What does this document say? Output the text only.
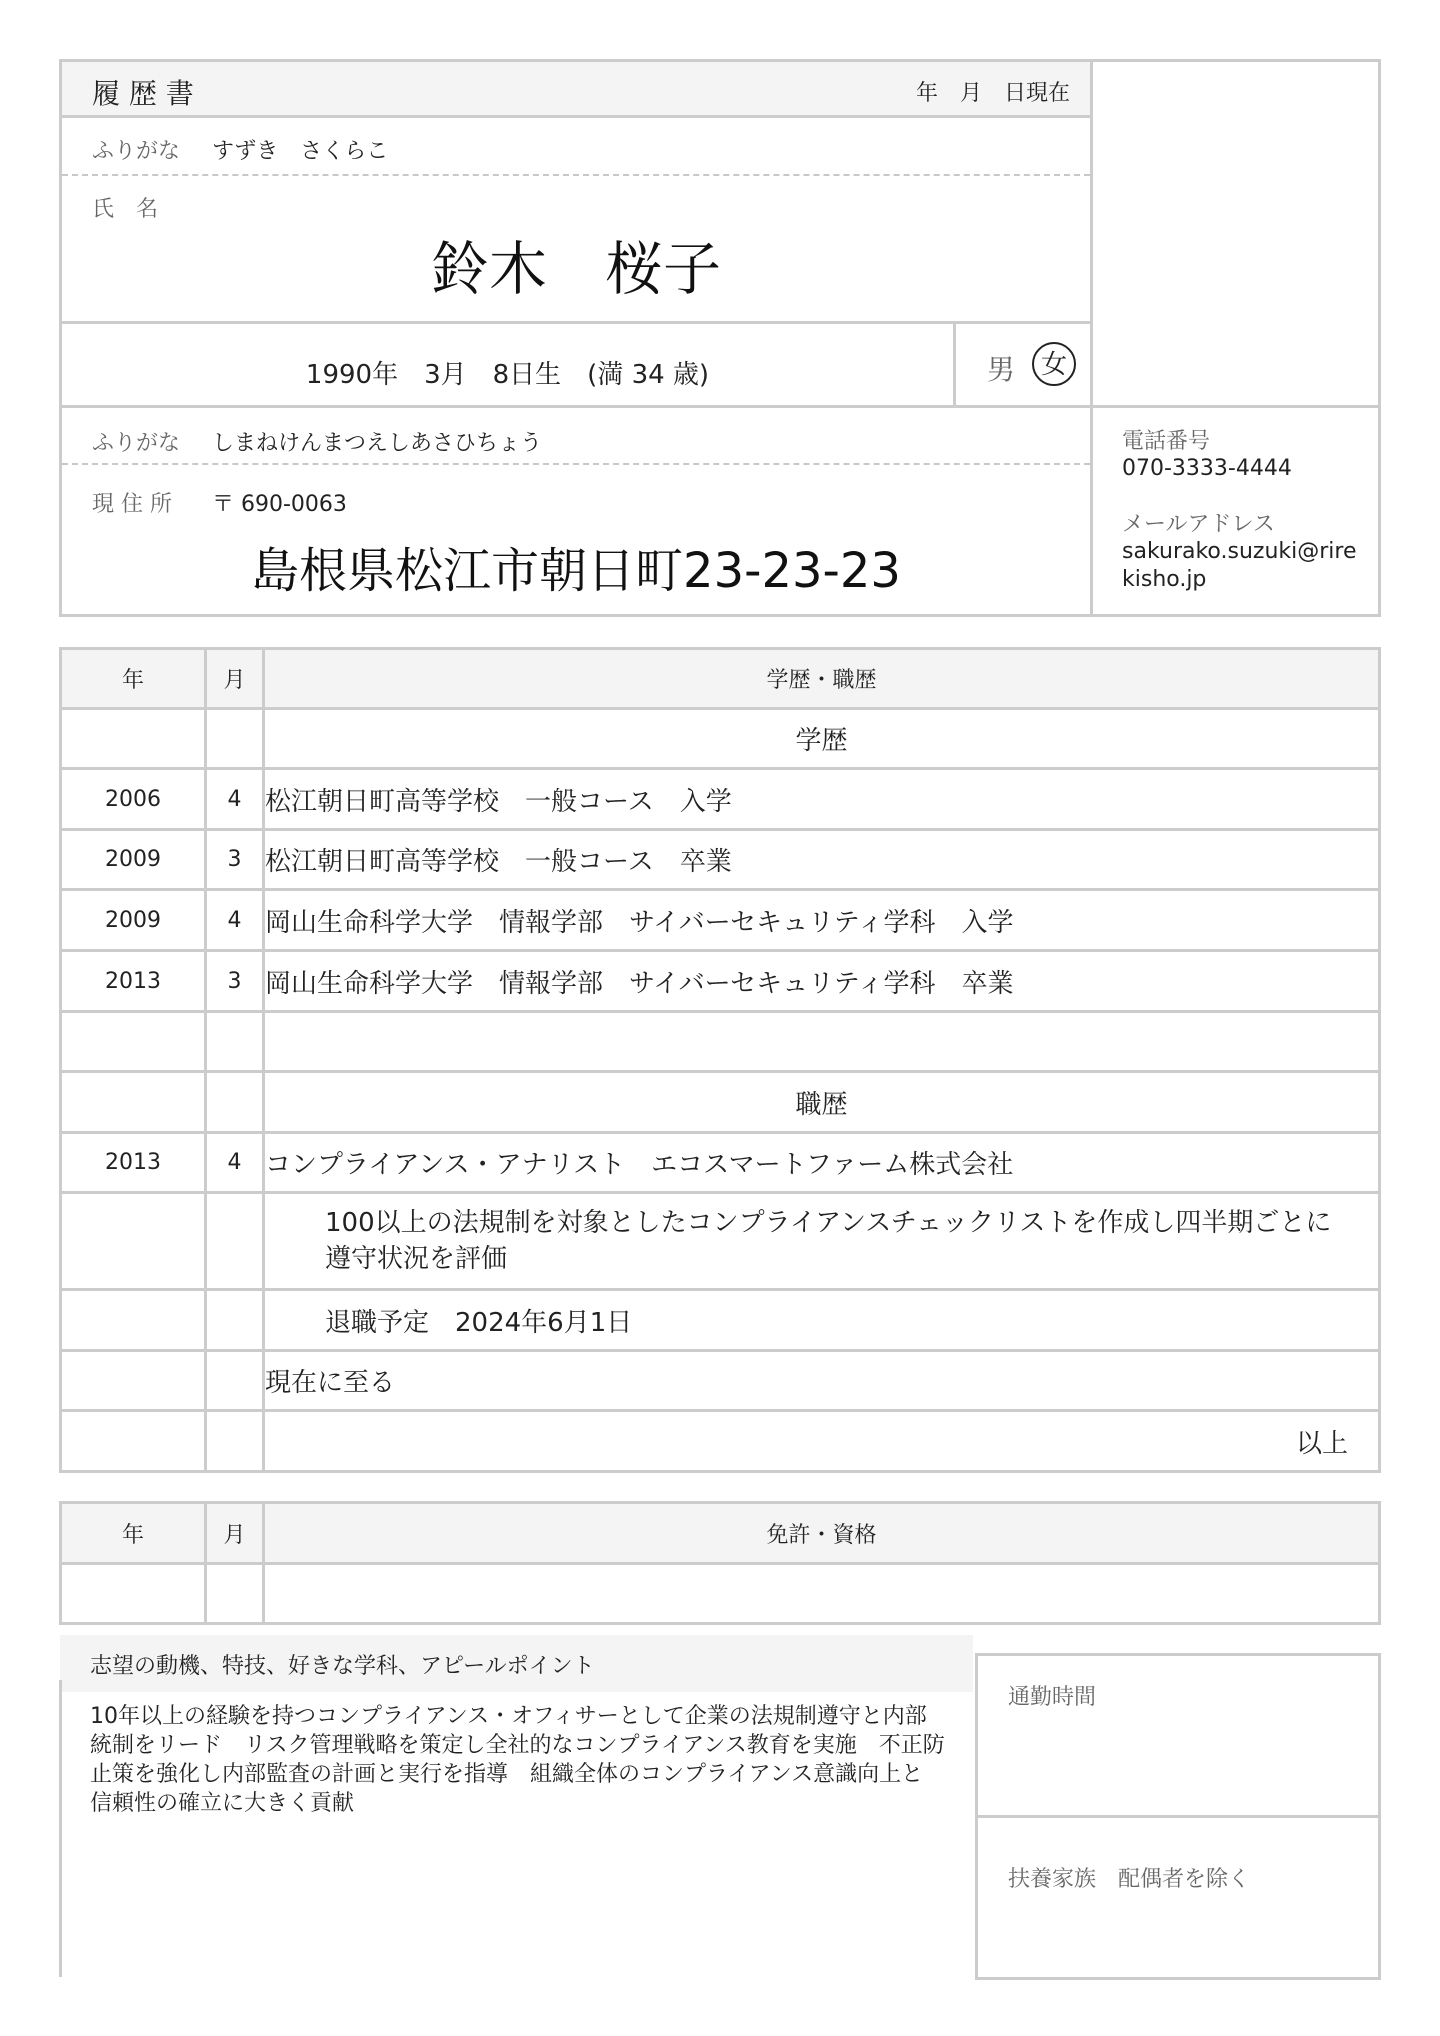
履 歴 書	年　月　日現在
ふりがな すずき　さくらこ
氏　名
鈴木　桜子
1990年　3月　8日生　(満 34 歳)	男 女
ふりがな しまねけんまつえしあさひちょう
現 住 所 〒 690-0063
島根県松江市朝日町23-23-23
電話番号
070-3333-4444
メールアドレス
sakurako.suzuki@rire
kisho.jp
年	月	学歴・職歴
		学歴
2006	4	松江朝日町高等学校　一般コース　入学
2009	3	松江朝日町高等学校　一般コース　卒業
2009	4	岡山生命科学大学　情報学部　サイバーセキュリティ学科　入学
2013	3	岡山生命科学大学　情報学部　サイバーセキュリティ学科　卒業

		職歴
2013	4	コンプライアンス・アナリスト　エコスマートファーム株式会社
		100以上の法規制を対象としたコンプライアンスチェックリストを作成し四半期ごとに遵守状況を評価
		退職予定　2024年6月1日
		現在に至る
		以上
年	月	免許・資格

志望の動機、特技、好きな学科、アピールポイント
10年以上の経験を持つコンプライアンス・オフィサーとして企業の法規制遵守と内部統制をリード　リスク管理戦略を策定し全社的なコンプライアンス教育を実施　不正防止策を強化し内部監査の計画と実行を指導　組織全体のコンプライアンス意識向上と信頼性の確立に大きく貢献
通勤時間
扶養家族　配偶者を除く
